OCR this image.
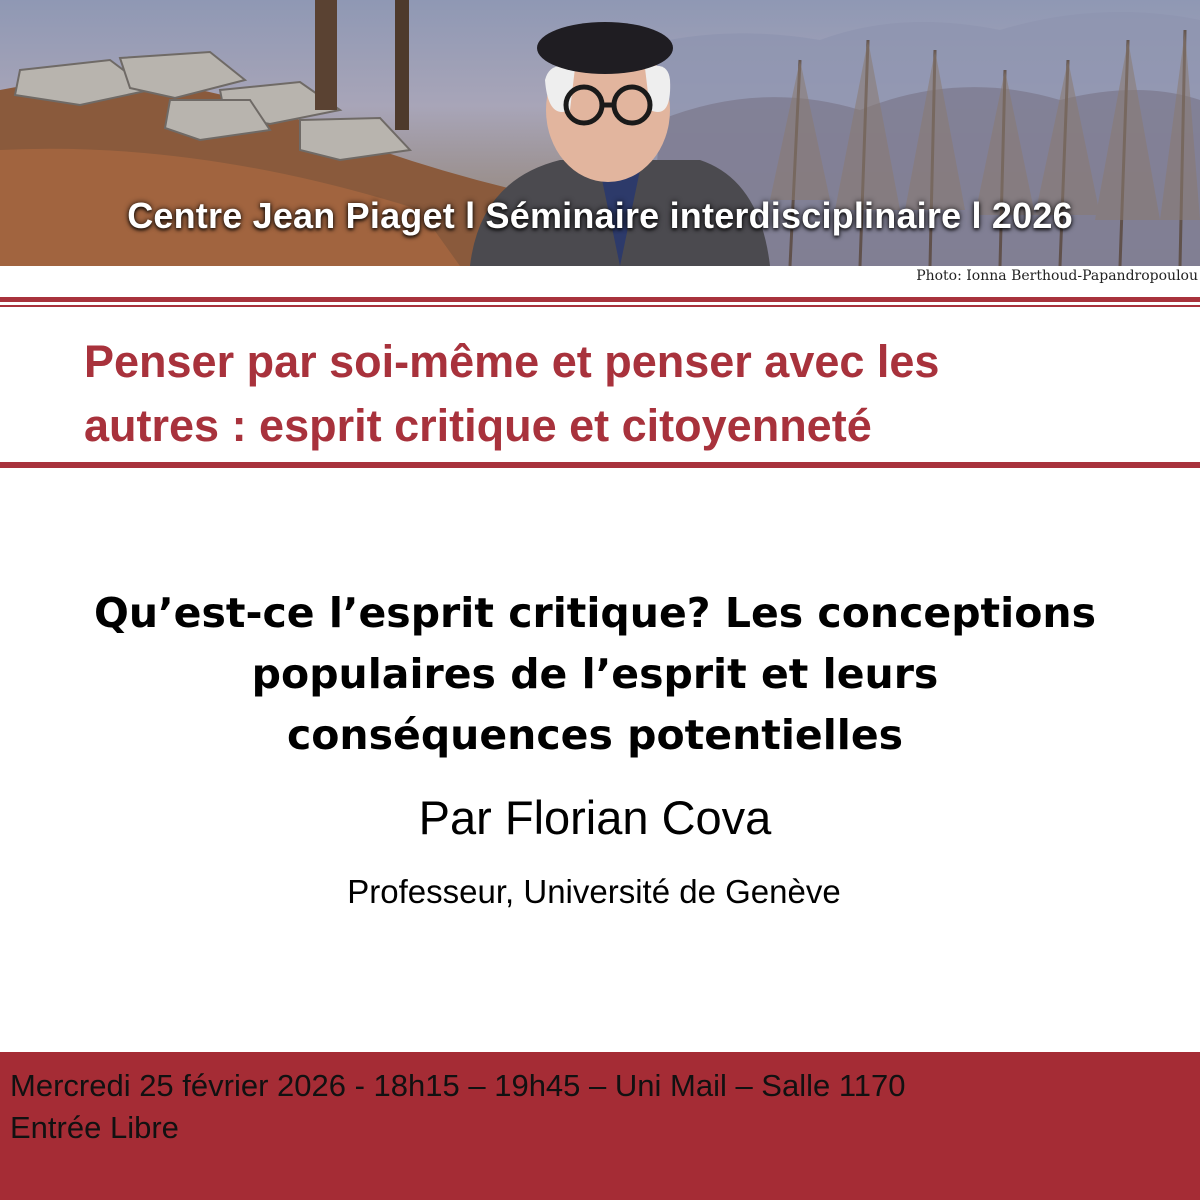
Centre Jean Piaget l Séminaire interdisciplinaire l 2026
Photo: Ionna Berthoud-Papandropoulou
Penser par soi-même et penser avec les
autres : esprit critique et citoyenneté
Qu’est-ce l’esprit critique? Les conceptions
populaires de l’esprit et leurs
conséquences potentielles
Par Florian Cova
Professeur, Université de Genève
Mercredi 25 février 2026 - 18h15 – 19h45 – Uni Mail – Salle 1170
Entrée Libre
